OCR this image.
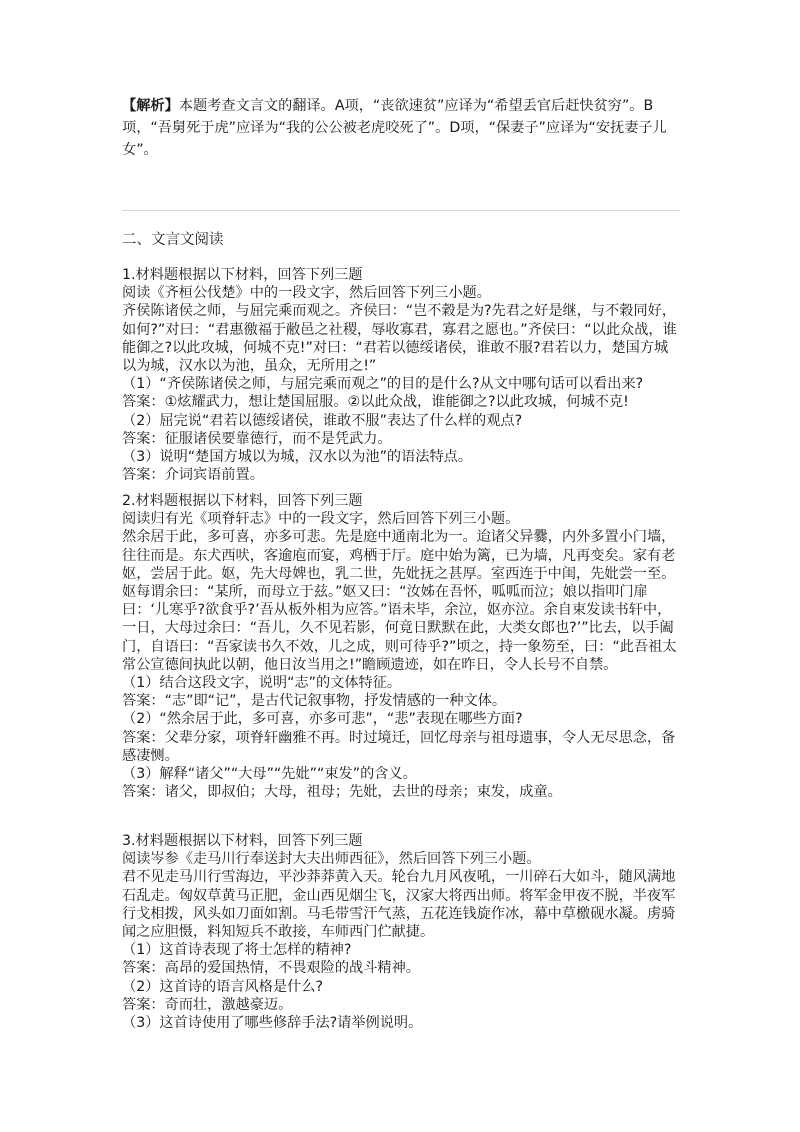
【解析】本题考查文言文的翻译。A项，“丧欲速贫”应译为“希望丢官后赶快贫穷”。B项，“吾舅死于虎”应译为“我的公公被老虎咬死了”。D项，“保妻子”应译为“安抚妻子儿女”。

二、文言文阅读

1.材料题根据以下材料，回答下列三题

阅读《齐桓公伐楚》中的一段文字，然后回答下列三小题。

齐侯陈诸侯之师，与屈完乘而观之。齐侯曰：“岂不穀是为?先君之好是继，与不穀同好，如何?”对曰：“君惠徼福于敝邑之社稷，辱收寡君，寡君之愿也。”齐侯曰：“以此众战，谁能御之?以此攻城，何城不克!”对曰：“君若以德绥诸侯，谁敢不服?君若以力，楚国方城以为城，汉水以为池，虽众，无所用之!”

（1）“齐侯陈诸侯之师，与屈完乘而观之”的目的是什么?从文中哪句话可以看出来?

答案：①炫耀武力，想让楚国屈服。②以此众战，谁能御之?以此攻城，何城不克!

（2）屈完说“君若以德绥诸侯，谁敢不服”表达了什么样的观点?

答案：征服诸侯要靠德行，而不是凭武力。

（3）说明“楚国方城以为城，汉水以为池”的语法特点。

答案：介词宾语前置。

2.材料题根据以下材料，回答下列三题

阅读归有光《项脊轩志》中的一段文字，然后回答下列三小题。

然余居于此，多可喜，亦多可悲。先是庭中通南北为一。迨诸父异爨，内外多置小门墙，往往而是。东犬西吠，客逾庖而宴，鸡栖于厅。庭中始为篱，已为墙，凡再变矣。家有老妪，尝居于此。妪，先大母婢也，乳二世，先妣抚之甚厚。室西连于中闺，先妣尝一至。妪每谓余曰：“某所，而母立于兹。”妪又曰：“汝姊在吾怀，呱呱而泣；娘以指叩门扉曰：‘儿寒乎?欲食乎?’吾从板外相为应答。”语未毕，余泣，妪亦泣。余自束发读书轩中，一日，大母过余曰：“吾儿，久不见若影，何竟日默默在此，大类女郎也?’”比去，以手阖门，自语曰：“吾家读书久不效，儿之成，则可待乎?”顷之，持一象笏至，曰：“此吾祖太常公宣德间执此以朝，他日汝当用之!”瞻顾遗迹，如在昨日，令人长号不自禁。

（1）结合这段文字，说明“志”的文体特征。

答案：“志”即“记”，是古代记叙事物，抒发情感的一种文体。

（2）“然余居于此，多可喜，亦多可悲”，“悲”表现在哪些方面?

答案：父辈分家，项脊轩幽雅不再。时过境迁，回忆母亲与祖母遗事，令人无尽思念，备感凄恻。

（3）解释“诸父”“大母”“先妣”“束发”的含义。

答案：诸父，即叔伯；大母，祖母；先妣，去世的母亲；束发，成童。

3.材料题根据以下材料，回答下列三题

阅读岑参《走马川行奉送封大夫出师西征》，然后回答下列三小题。

君不见走马川行雪海边，平沙莽莽黄入天。轮台九月风夜吼，一川碎石大如斗，随风满地石乱走。匈奴草黄马正肥，金山西见烟尘飞，汉家大将西出师。将军金甲夜不脱，半夜军行戈相拨，风头如刀面如割。马毛带雪汗气蒸，五花连钱旋作冰，幕中草檄砚水凝。虏骑闻之应胆慑，料知短兵不敢接，车师西门伫献捷。

（1）这首诗表现了将士怎样的精神?

答案：高昂的爱国热情，不畏艰险的战斗精神。

（2）这首诗的语言风格是什么?

答案：奇而壮，激越豪迈。

（3）这首诗使用了哪些修辞手法?请举例说明。
